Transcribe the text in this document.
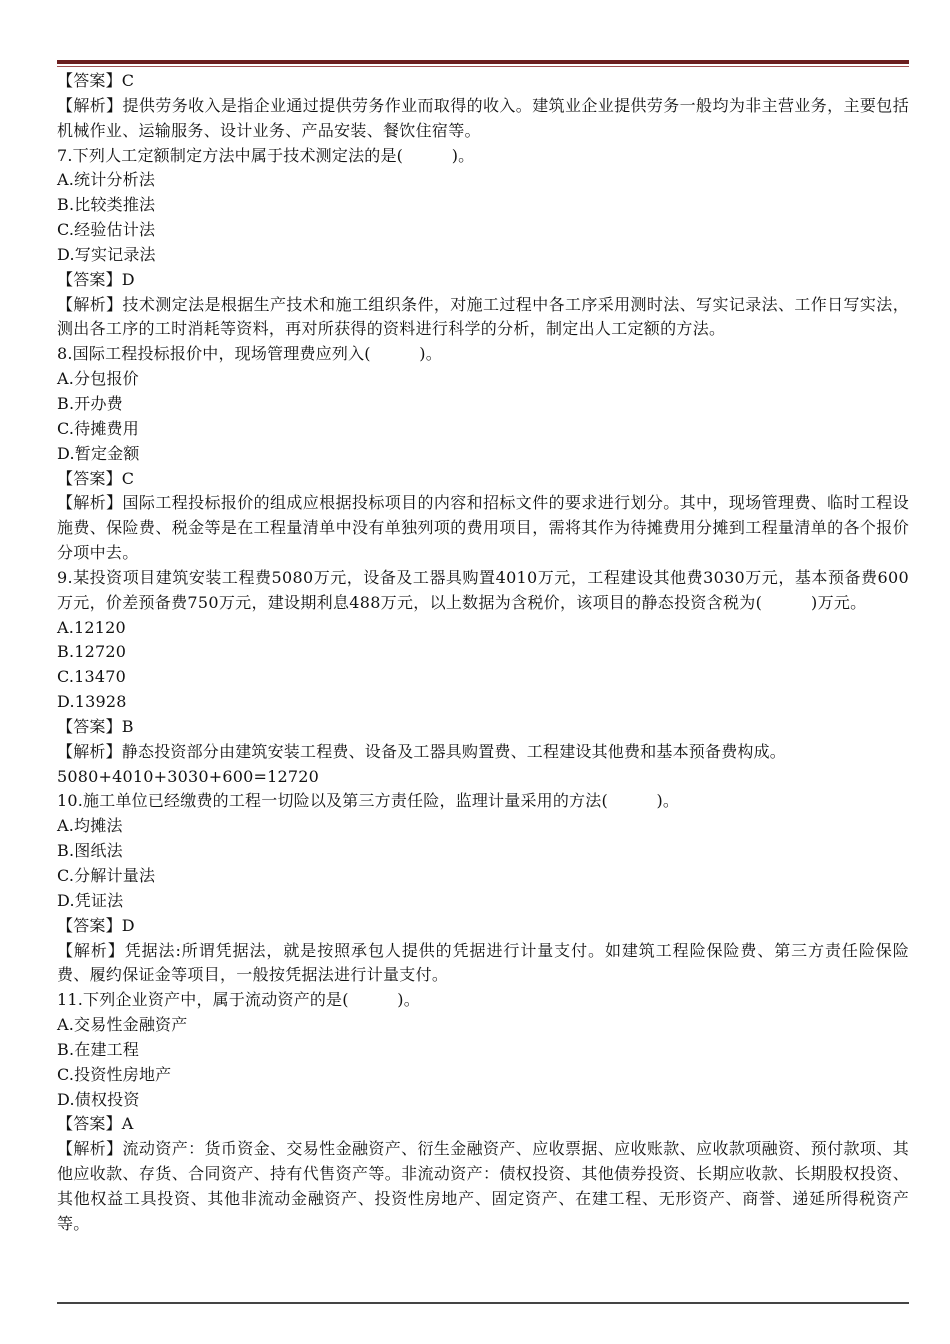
【答案】C
【解析】提供劳务收入是指企业通过提供劳务作业而取得的收入。建筑业企业提供劳务一般均为非主营业务，主要包括机械作业、运输服务、设计业务、产品安装、餐饮住宿等。
7.下列人工定额制定方法中属于技术测定法的是(　　　)。
A.统计分析法
B.比较类推法
C.经验估计法
D.写实记录法
【答案】D
【解析】技术测定法是根据生产技术和施工组织条件，对施工过程中各工序采用测时法、写实记录法、工作日写实法，测出各工序的工时消耗等资料，再对所获得的资料进行科学的分析，制定出人工定额的方法。
8.国际工程投标报价中，现场管理费应列入(　　　)。
A.分包报价
B.开办费
C.待摊费用
D.暂定金额
【答案】C
【解析】国际工程投标报价的组成应根据投标项目的内容和招标文件的要求进行划分。其中，现场管理费、临时工程设施费、保险费、税金等是在工程量清单中没有单独列项的费用项目，需将其作为待摊费用分摊到工程量清单的各个报价分项中去。
9.某投资项目建筑安装工程费5080万元，设备及工器具购置4010万元，工程建设其他费3030万元，基本预备费600万元，价差预备费750万元，建设期利息488万元，以上数据为含税价，该项目的静态投资含税为(　　　)万元。
A.12120
B.12720
C.13470
D.13928
【答案】B
【解析】静态投资部分由建筑安装工程费、设备及工器具购置费、工程建设其他费和基本预备费构成。
5080+4010+3030+600=12720
10.施工单位已经缴费的工程一切险以及第三方责任险，监理计量采用的方法(　　　)。
A.均摊法
B.图纸法
C.分解计量法
D.凭证法
【答案】D
【解析】凭据法:所谓凭据法，就是按照承包人提供的凭据进行计量支付。如建筑工程险保险费、第三方责任险保险费、履约保证金等项目，一般按凭据法进行计量支付。
11.下列企业资产中，属于流动资产的是(　　　)。
A.交易性金融资产
B.在建工程
C.投资性房地产
D.债权投资
【答案】A
【解析】流动资产：货币资金、交易性金融资产、衍生金融资产、应收票据、应收账款、应收款项融资、预付款项、其他应收款、存货、合同资产、持有代售资产等。非流动资产：债权投资、其他债券投资、长期应收款、长期股权投资、其他权益工具投资、其他非流动金融资产、投资性房地产、固定资产、在建工程、无形资产、商誉、递延所得税资产等。
